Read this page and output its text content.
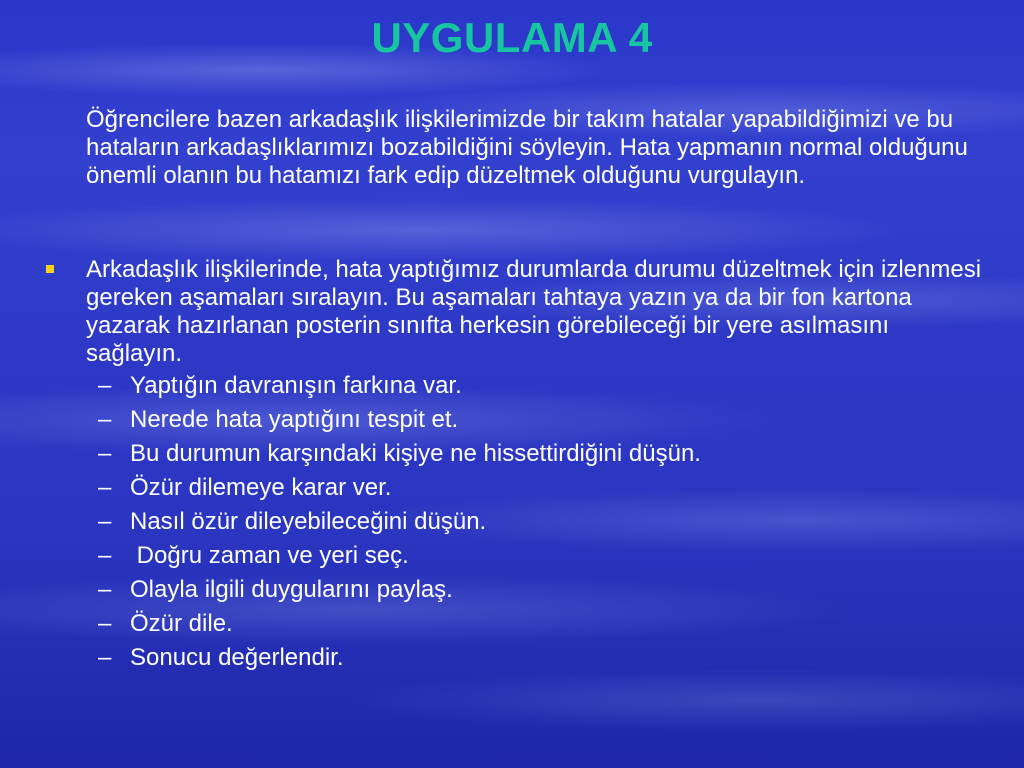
UYGULAMA 4
Öğrencilere bazen arkadaşlık ilişkilerimizde bir takım hatalar yapabildiğimizi ve bu hataların arkadaşlıklarımızı bozabildiğini söyleyin. Hata yapmanın normal olduğunu önemli olanın bu hatamızı fark edip düzeltmek olduğunu vurgulayın.
Arkadaşlık ilişkilerinde, hata yaptığımız durumlarda durumu düzeltmek için izlenmesi gereken aşamaları sıralayın. Bu aşamaları tahtaya yazın ya da bir fon kartona yazarak hazırlanan posterin sınıfta herkesin görebileceği bir yere asılmasını sağlayın.
– Yaptığın davranışın farkına var.
– Nerede hata yaptığını tespit et.
– Bu durumun karşındaki kişiye ne hissettirdiğini düşün.
– Özür dilemeye karar ver.
– Nasıl özür dileyebileceğini düşün.
– Doğru zaman ve yeri seç.
– Olayla ilgili duygularını paylaş.
– Özür dile.
– Sonucu değerlendir.
